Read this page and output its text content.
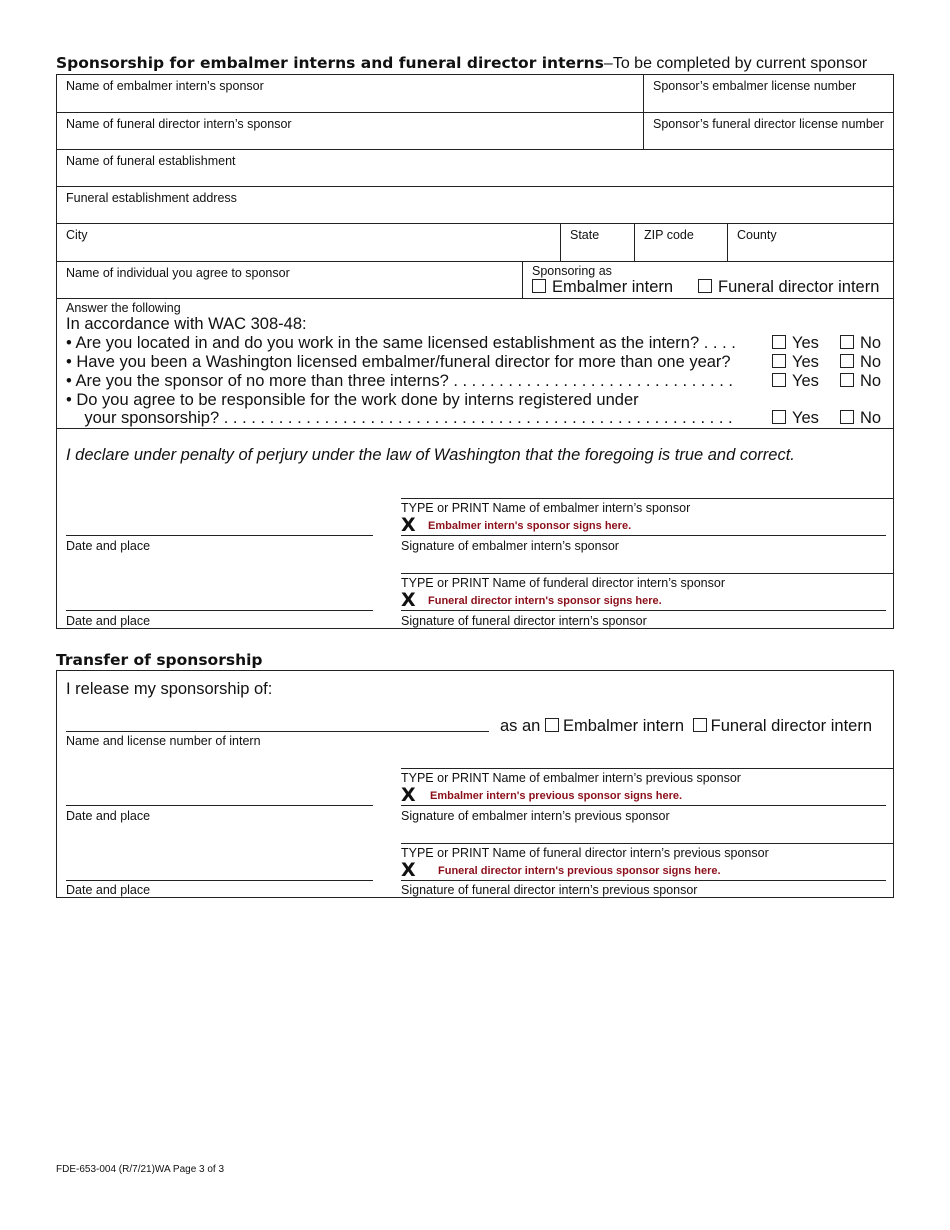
Sponsorship for embalmer interns and funeral director interns–To be completed by current sponsor
Name of embalmer intern’s sponsor	Sponsor’s embalmer license number
Name of funeral director intern’s sponsor	Sponsor’s funeral director license number
Name of funeral establishment
Funeral establishment address
City	State	ZIP code	County
Name of individual you agree to sponsor	Sponsoring as
Embalmer intern	Funeral director intern
Answer the following
In accordance with WAC 308-48:
• Are you located in and do you work in the same licensed establishment as the intern? . . . .	Yes	No
• Have you been a Washington licensed embalmer/funeral director for more than one year?	Yes	No
• Are you the sponsor of no more than three interns? . . . . . . . . . . . . . . . . . . . . . . . . . . . . . . .	Yes	No
• Do you agree to be responsible for the work done by interns registered under
your sponsorship? . . . . . . . . . . . . . . . . . . . . . . . . . . . . . . . . . . . . . . . . . . . . . . . . . . . . . . . .	Yes	No
I declare under penalty of perjury under the law of Washington that the foregoing is true and correct.
TYPE or PRINT Name of embalmer intern’s sponsor
X Embalmer intern's sponsor signs here.
Date and place	Signature of embalmer intern’s sponsor
TYPE or PRINT Name of funderal director intern’s sponsor
X Funeral director intern's sponsor signs here.
Date and place	Signature of funeral director intern’s sponsor
Transfer of sponsorship
I release my sponsorship of:
Name and license number of intern
as an Embalmer intern Funeral director intern
TYPE or PRINT Name of embalmer intern’s previous sponsor
X Embalmer intern's previous sponsor signs here.
Date and place	Signature of embalmer intern’s previous sponsor
TYPE or PRINT Name of funeral director intern’s previous sponsor
X Funeral director intern's previous sponsor signs here.
Date and place	Signature of funeral director intern’s previous sponsor
FDE-653-004 (R/7/21)WA Page 3 of 3
